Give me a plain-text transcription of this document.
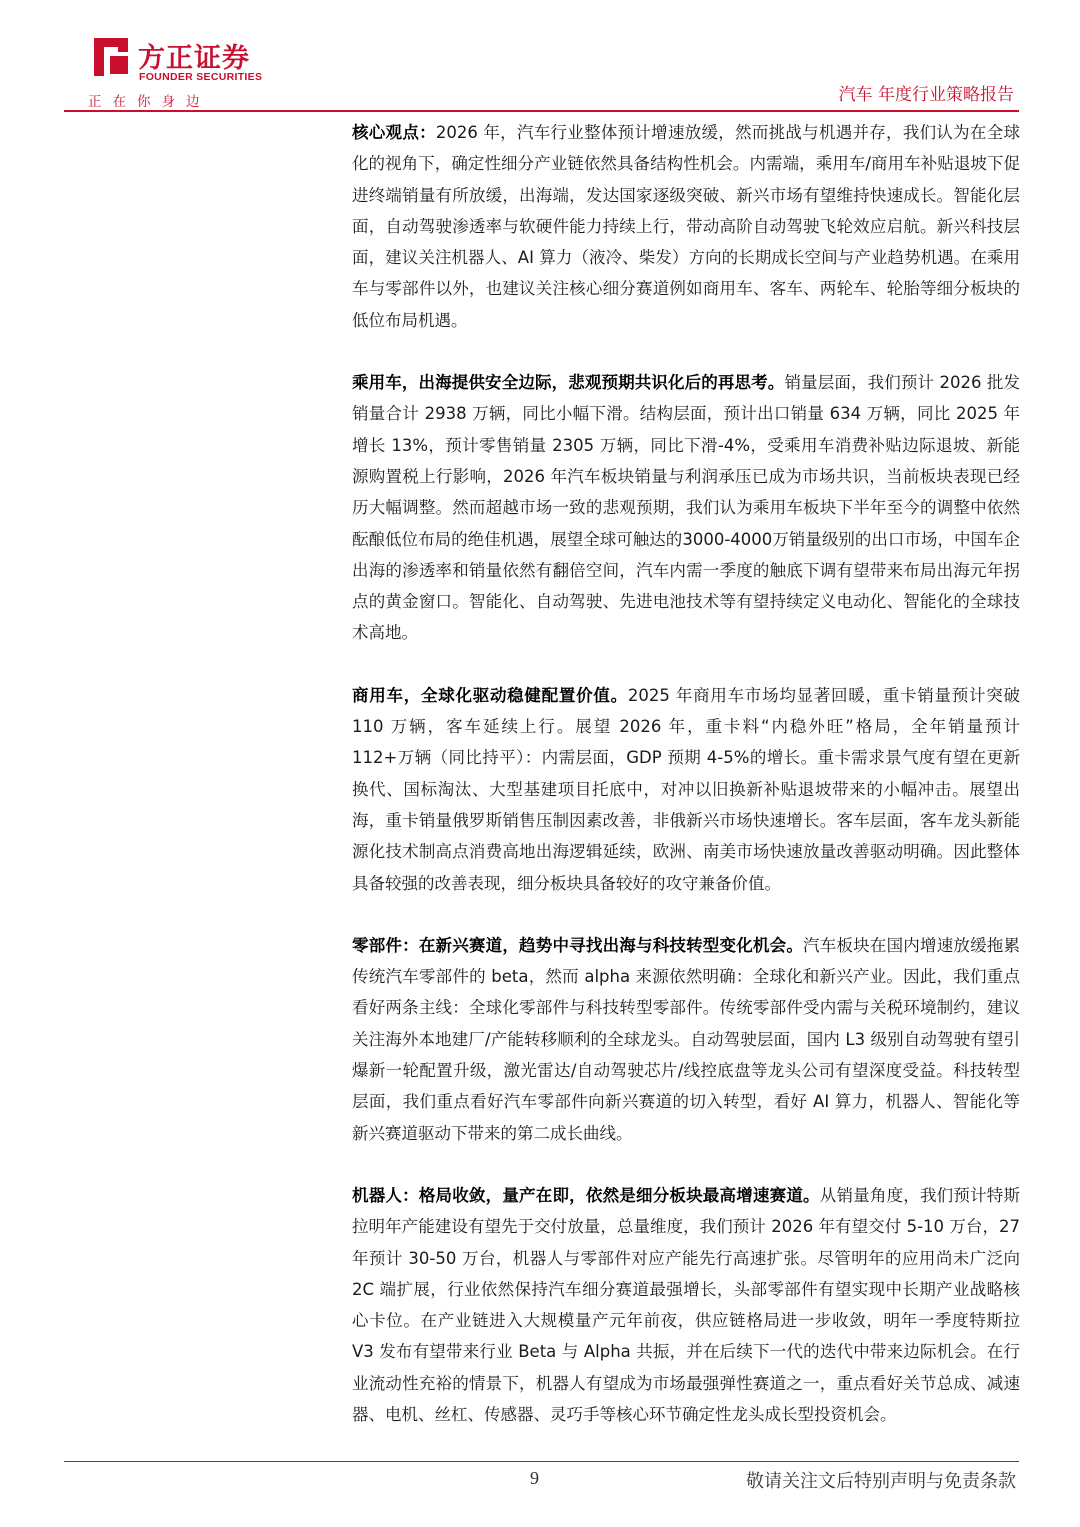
方正证券
FOUNDER SECURITIES
正在你身边	汽车 年度行业策略报告

核心观点：2026 年，汽车行业整体预计增速放缓，然而挑战与机遇并存，我们认为在全球化的视角下，确定性细分产业链依然具备结构性机会。内需端，乘用车/商用车补贴退坡下促进终端销量有所放缓，出海端，发达国家逐级突破、新兴市场有望维持快速成长。智能化层面，自动驾驶渗透率与软硬件能力持续上行，带动高阶自动驾驶飞轮效应启航。新兴科技层面，建议关注机器人、AI 算力（液冷、柴发）方向的长期成长空间与产业趋势机遇。在乘用车与零部件以外，也建议关注核心细分赛道例如商用车、客车、两轮车、轮胎等细分板块的低位布局机遇。

乘用车，出海提供安全边际，悲观预期共识化后的再思考。销量层面，我们预计 2026 批发销量合计 2938 万辆，同比小幅下滑。结构层面，预计出口销量 634 万辆，同比 2025 年增长 13%，预计零售销量 2305 万辆，同比下滑-4%，受乘用车消费补贴边际退坡、新能源购置税上行影响，2026 年汽车板块销量与利润承压已成为市场共识，当前板块表现已经历大幅调整。然而超越市场一致的悲观预期，我们认为乘用车板块下半年至今的调整中依然酝酿低位布局的绝佳机遇，展望全球可触达的3000-4000万销量级别的出口市场，中国车企出海的渗透率和销量依然有翻倍空间，汽车内需一季度的触底下调有望带来布局出海元年拐点的黄金窗口。智能化、自动驾驶、先进电池技术等有望持续定义电动化、智能化的全球技术高地。

商用车，全球化驱动稳健配置价值。2025 年商用车市场均显著回暖，重卡销量预计突破 110 万辆，客车延续上行。展望 2026 年，重卡料“内稳外旺”格局，全年销量预计 112+万辆（同比持平）：内需层面，GDP 预期 4-5%的增长。重卡需求景气度有望在更新换代、国标淘汰、大型基建项目托底中，对冲以旧换新补贴退坡带来的小幅冲击。展望出海，重卡销量俄罗斯销售压制因素改善，非俄新兴市场快速增长。客车层面，客车龙头新能源化技术制高点消费高地出海逻辑延续，欧洲、南美市场快速放量改善驱动明确。因此整体具备较强的改善表现，细分板块具备较好的攻守兼备价值。

零部件：在新兴赛道，趋势中寻找出海与科技转型变化机会。汽车板块在国内增速放缓拖累传统汽车零部件的 beta，然而 alpha 来源依然明确：全球化和新兴产业。因此，我们重点看好两条主线：全球化零部件与科技转型零部件。传统零部件受内需与关税环境制约，建议关注海外本地建厂/产能转移顺利的全球龙头。自动驾驶层面，国内 L3 级别自动驾驶有望引爆新一轮配置升级，激光雷达/自动驾驶芯片/线控底盘等龙头公司有望深度受益。科技转型层面，我们重点看好汽车零部件向新兴赛道的切入转型，看好 AI 算力，机器人、智能化等新兴赛道驱动下带来的第二成长曲线。

机器人：格局收敛，量产在即，依然是细分板块最高增速赛道。从销量角度，我们预计特斯拉明年产能建设有望先于交付放量，总量维度，我们预计 2026 年有望交付 5-10 万台，27 年预计 30-50 万台，机器人与零部件对应产能先行高速扩张。尽管明年的应用尚未广泛向 2C 端扩展，行业依然保持汽车细分赛道最强增长，头部零部件有望实现中长期产业战略核心卡位。在产业链进入大规模量产元年前夜，供应链格局进一步收敛，明年一季度特斯拉 V3 发布有望带来行业 Beta 与 Alpha 共振，并在后续下一代的迭代中带来边际机会。在行业流动性充裕的情景下，机器人有望成为市场最强弹性赛道之一，重点看好关节总成、减速器、电机、丝杠、传感器、灵巧手等核心环节确定性龙头成长型投资机会。

9	敬请关注文后特别声明与免责条款
